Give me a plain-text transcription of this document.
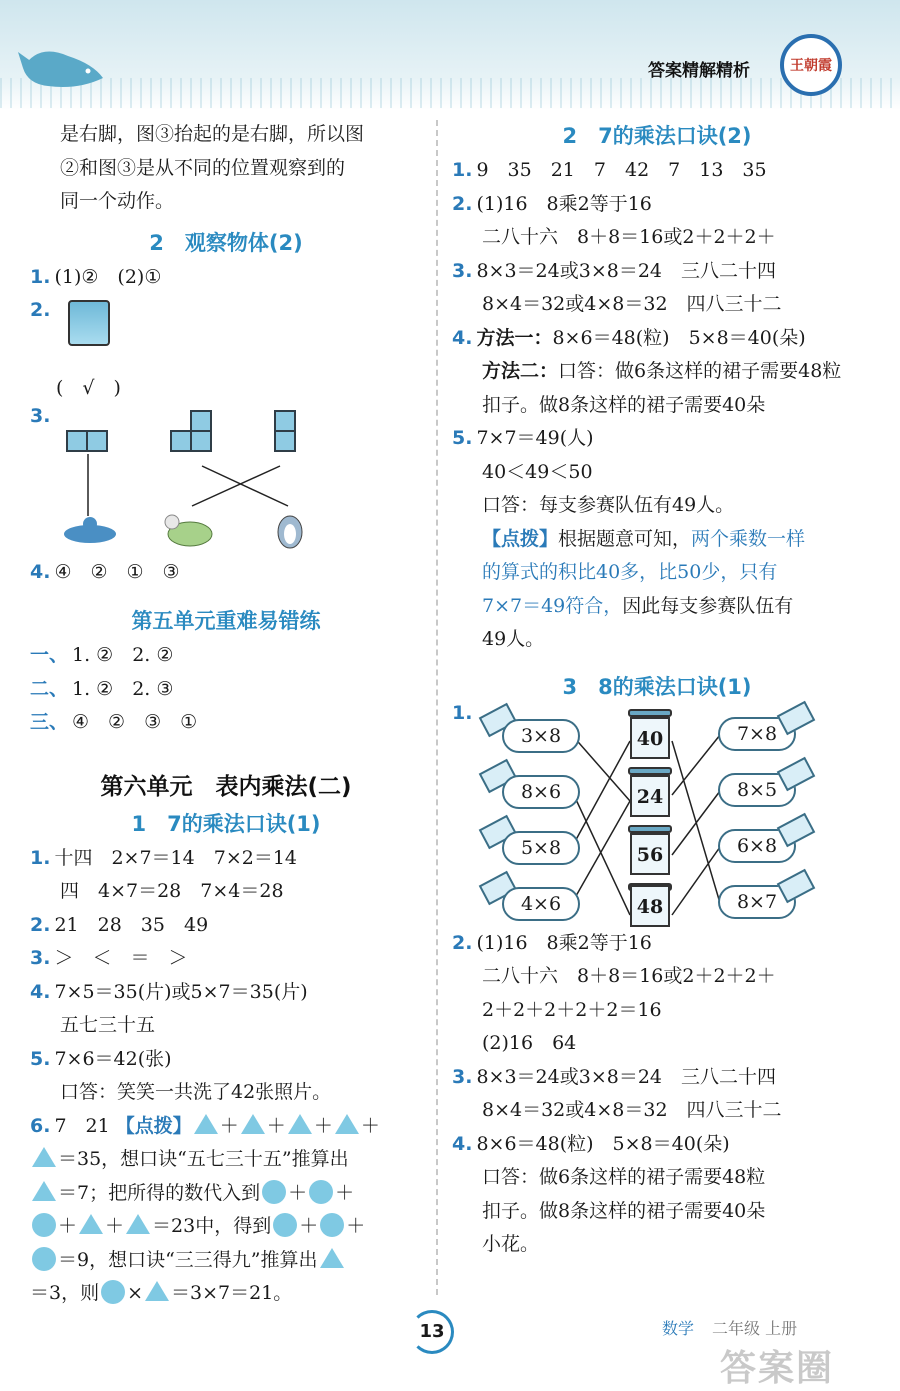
答案精解精析	王朝霞
是右脚，图③抬起的是右脚，所以图
②和图③是从不同的位置观察到的
同一个动作。
2　观察物体(2)
1. (1)②　(2)①
2.
(　√　)
3.
4. ④　②　①　③
第五单元重难易错练
一、 1. ②　2. ②
二、 1. ②　2. ③
三、 ④　②　③　①
第六单元　表内乘法(二)
1　7的乘法口诀(1)
1. 十四　2×7＝14　7×2＝14
四　4×7＝28　7×4＝28
2. 21　28　35　49
3. ＞　＜　＝　＞
4. 7×5＝35(片)或5×7＝35(片)
五七三十五
5. 7×6＝42(张)
口答：笑笑一共洗了42张照片。
6. 7　21 【点拨】 ＋ ＋ ＋ ＋
＝35，想口诀“五七三十五”推算出
＝7；把所得的数代入到 ＋ ＋
＋ ＋ ＝23中，得到 ＋ ＋
＝9，想口诀“三三得九”推算出
＝3，则 × ＝3×7＝21。
2　7的乘法口诀(2)
1. 9　35　21　7　42　7　13　35
2. (1)16　8乘2等于16
二八十六　8＋8＝16或2＋2＋2＋
3. 8×3＝24或3×8＝24　三八二十四
8×4＝32或4×8＝32　四八三十二
4. 方法一：8×6＝48(粒)　5×8＝40(朵)
方法二：口答：做6条这样的裙子需要48粒
扣子。做8条这样的裙子需要40朵
5. 7×7＝49(人)
40＜49＜50
口答：每支参赛队伍有49人。
【点拨】根据题意可知，两个乘数一样
的算式的积比40多，比50少，只有
7×7＝49符合，因此每支参赛队伍有
49人。
3　8的乘法口诀(1)
1.
3×8
8×6
5×8
4×6
40
24
56
48
7×8
8×5
6×8
8×7
2. (1)16　8乘2等于16
二八十六　8＋8＝16或2＋2＋2＋
2＋2＋2＋2＋2＝16
(2)16　64
3. 8×3＝24或3×8＝24　三八二十四
8×4＝32或4×8＝32　四八三十二
4. 8×6＝48(粒)　5×8＝40(朵)
口答：做6条这样的裙子需要48粒
扣子。做8条这样的裙子需要40朵
小花。
13	数学 二年级 上册
答案圈
